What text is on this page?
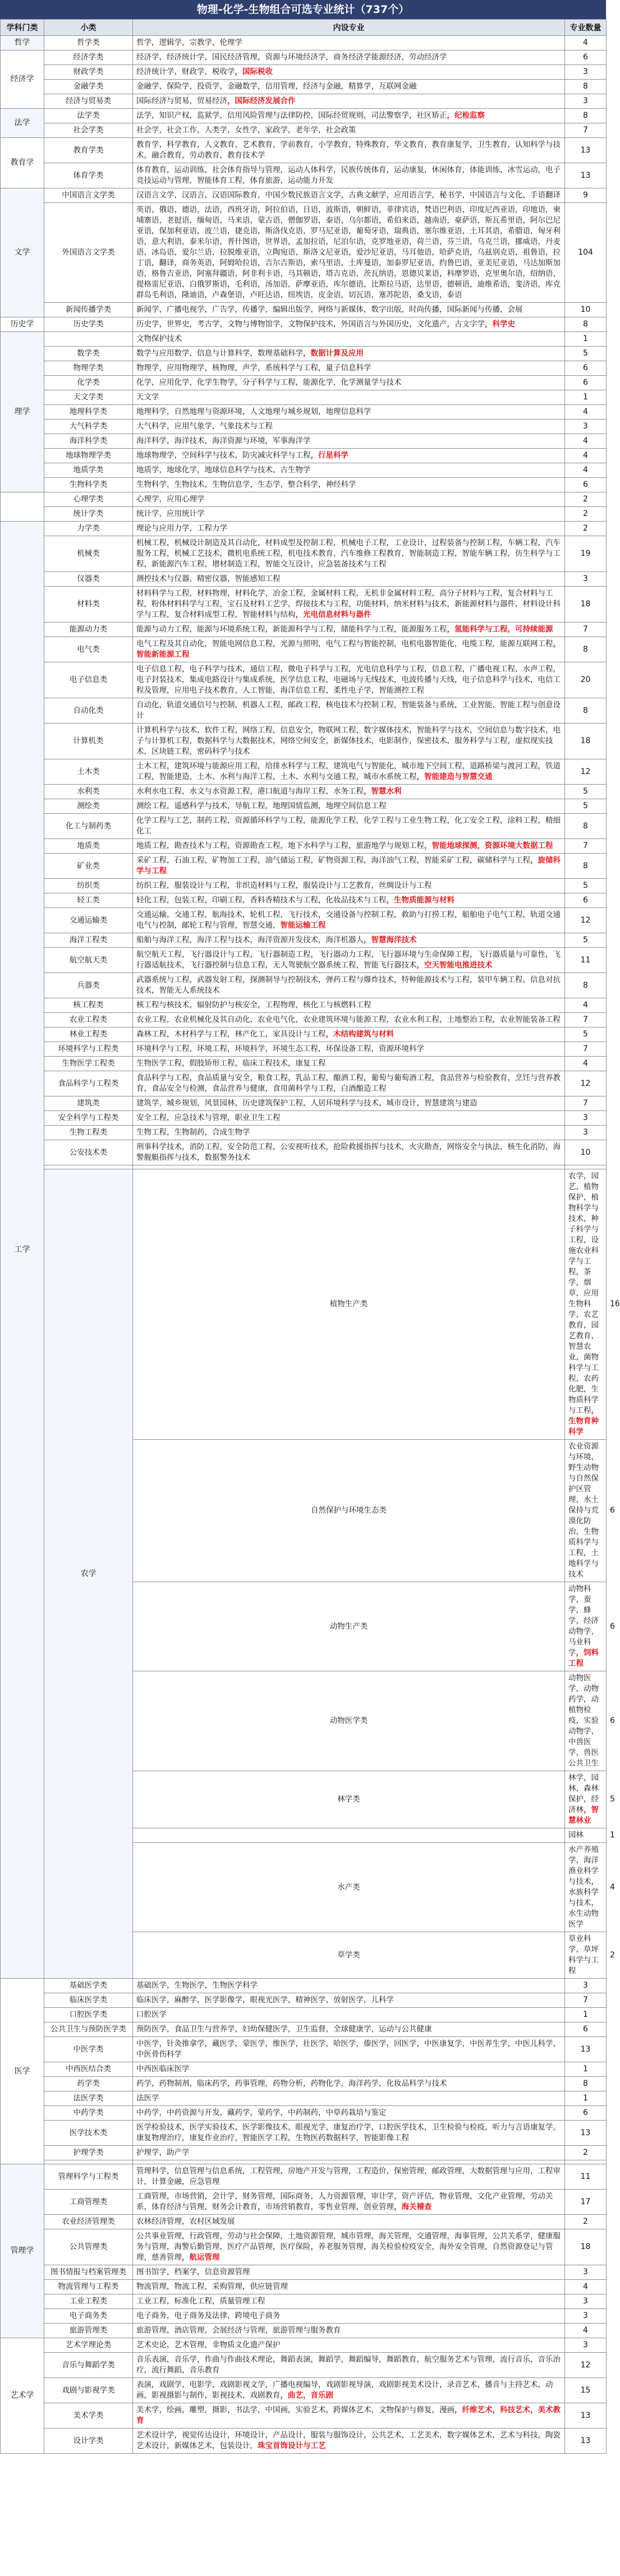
物理-化学-生物组合可选专业统计（737个）
学科门类	小类	内设专业	专业数量	
哲学	哲学类	哲学，逻辑学，宗教学，伦理学	4	
经济学	经济学类	经济学，经济统计学，国民经济管理，资源与环境经济学，商务经济学能源经济，劳动经济学	6	
	财政学类	经济统计学，财政学，税收学，国际税收	3	
	金融学类	金融学，保险学，投资学，金融数学，信用管理，经济与金融，精算学，互联网金融	8	
	经济与贸易类	国际经济与贸易，贸易经济，国际经济发展合作	3	
法学	法学类	法学，知识产权，监狱学，信用风险管理与法律防控，国际经贸规则，司法警察学，社区矫正，纪检监察	8	
	社会学类	社会学，社会工作，人类学，女性学，家政学，老年学，社会政策	7	
教育学	教育学类	教育学，科学教育，人文教育，艺术教育，学前教育，小学教育，特殊教育，华文教育，教育康复学，卫生教育，认知科学与技术，融合教育，劳动教育，教育技术学	13	
	体育学类	体育教育，运动训练，社会体育指导与管理，运动人体科学，民族传统体育，运动康复，休闲体育，体能训练，冰雪运动，电子竞技运动与管理，智能体育工程，体育旅游，运动能力开发	13	
文学	中国语言文学类	汉语言文学，汉语言，汉语国际教育，中国少数民族语言文学，古典文献学，应用语言学，秘书学，中国语言与文化，手语翻译	9	
	外国语言文学类	英语，俄语，德语，法语，西班牙语，阿拉伯语，日语，波斯语，朝鲜语，菲律宾语，梵语巴利语，印度尼西亚语，印地语，柬埔寨语，老挝语，缅甸语，马来语，蒙古语，僧伽罗语，泰语，乌尔都语，希伯来语，越南语，豪萨语，斯瓦希里语，阿尔巴尼亚语，保加利亚语，波兰语，捷克语，斯洛伐克语，罗马尼亚语，葡萄牙语，瑞典语，塞尔维亚语，土耳其语，希腊语，匈牙利语，意大利语，泰米尔语，普什图语，世界语，孟加拉语，尼泊尔语，克罗地亚语，荷兰语，芬兰语，乌克兰语，挪威语，丹麦语，冰岛语，爱尔兰语，拉脱维亚语，立陶宛语，斯洛文尼亚语，爱沙尼亚语，马耳他语，哈萨克语，乌兹别克语，祖鲁语，拉丁语，翻译，商务英语，阿姆哈拉语，吉尔吉斯语，索马里语，土库曼语，加泰罗尼亚语，约鲁巴语，亚美尼亚语，马达加斯加语，格鲁吉亚语，阿塞拜疆语，阿非利卡语，马其顿语，塔吉克语，茨瓦纳语，恩德贝莱语，科摩罗语，克里奥尔语，绍纳语，提格雷尼亚语，白俄罗斯语，毛利语，汤加语，萨摩亚语，库尔德语，比斯拉马语，达里语，德顿语，迪维希语，斐济语，库克群岛毛利语，隆迪语，卢森堡语，卢旺达语，纽埃语，皮金语，切瓦语，塞苏陀语，桑戈语，泰语	104	
	新闻传播学类	新闻学，广播电视学，广告学，传播学，编辑出版学，网络与新媒体，数字出版，时尚传播，国际新闻与传播，会展	10	
历史学	历史学类	历史学，世界史，考古学，文物与博物馆学，文物保护技术，外国语言与外国历史，文化遗产，古文字学，科学史	8	
理学		文物保护技术	1	
	数学类	数学与应用数学，信息与计算科学，数理基础科学，数据计算及应用	5	
	物理学类	物理学，应用物理学，核物理，声学，系统科学与工程，量子信息科学	6	
	化学类	化学，应用化学，化学生物学，分子科学与工程，能源化学，化学测量学与技术	6	
	天文学类	天文学	1	
	地理科学类	地理科学，自然地理与资源环境，人文地理与城乡规划，地理信息科学	4	
	大气科学类	大气科学，应用气象学，气象技术与工程	3	
	海洋科学类	海洋科学，海洋技术，海洋资源与环境，军事海洋学	4	
	地球物理学类	地球物理学，空间科学与技术，防灾减灾科学与工程，行星科学	4	
	地质学类	地质学，地球化学，地球信息科学与技术，古生物学	4	
	生物科学类	生物科学，生物技术，生物信息学，生态学，整合科学，神经科学	6	
	心理学类	心理学，应用心理学	2	
	统计学类	统计学，应用统计学	2	
工学	力学类	理论与应用力学，工程力学	2	
	机械类	机械工程，机械设计制造及其自动化，材料成型及控制工程，机械电子工程，工业设计，过程装备与控制工程，车辆工程，汽车服务工程，机械工艺技术，微机电系统工程，机电技术教育，汽车维修工程教育，智能制造工程，智能车辆工程，仿生科学与工程，新能源汽车工程，增材制造工程，智能交互设计，应急装备技术与工程	19	
	仪器类	测控技术与仪器，精密仪器，智能感知工程	3	
	材料类	材料科学与工程，材料物理，材料化学，冶金工程，金属材料工程，无机非金属材料工程，高分子材料与工程，复合材料与工程，粉体材料科学与工程，宝石及材料工艺学，焊接技术与工程，功能材料，纳米材料与技术，新能源材料与器件，材料设计科学与工程，复合材料成型工程，智能材料与结构，光电信息材料与器件	18	
	能源动力类	能源与动力工程，能源与环境系统工程，新能源科学与工程，储能科学与工程，能源服务工程，氢能科学与工程，可持续能源	7	
	电气类	电气工程及其自动化，智能电网信息工程，光源与照明，电气工程与智能控制，电机电器智能化，电缆工程，能源互联网工程，智能新能源工程	8	
	电子信息类	电子信息工程，电子科学与技术，通信工程，微电子科学与工程，光电信息科学与工程，信息工程，广播电视工程，水声工程，电子封装技术，集成电路设计与集成系统，医学信息工程，电磁场与无线技术，电波传播与天线，电子信息科学与技术，电信工程及管理，应用电子技术教育，人工智能，海洋信息工程，柔性电子学，智能测控工程	20	
	自动化类	自动化，轨道交通信号与控制，机器人工程，邮政工程，核电技术与控制工程，智能装备与系统，工业智能，智能工程与创意设计	8	
	计算机类	计算机科学与技术，软件工程，网络工程，信息安全，物联网工程，数字媒体技术，智能科学与技术，空间信息与数字技术，电子与计算机工程，数据科学与大数据技术，网络空间安全，新媒体技术，电影制作，保密技术，服务科学与工程，虚拟现实技术，区块链工程，密码科学与技术	18	
	土木类	土木工程，建筑环境与能源应用工程，给排水科学与工程，建筑电气与智能化，城市地下空间工程，道路桥梁与渡河工程，铁道工程，智能建造，土木、水利与海洋工程，土木、水利与交通工程，城市水系统工程，智能建造与智慧交通	12	
	水利类	水利水电工程，水文与水资源工程，港口航道与海岸工程，水务工程，智慧水利	5	
	测绘类	测绘工程，遥感科学与技术，导航工程，地理国情监测，地理空间信息工程	5	
	化工与制药类	化学工程与工艺，制药工程，资源循环科学与工程，能源化学工程，化学工程与工业生物工程，化工安全工程，涂料工程，精细化工	8	
	地质类	地质工程，勘查技术与工程，资源勘查工程，地下水科学与工程，旅游地学与规划工程，智能地球探测，资源环境大数据工程	7	
	矿业类	采矿工程，石油工程，矿物加工工程，油气储运工程，矿物资源工程，海洋油气工程，智能采矿工程，碳储科学与工程，旋储科学与工程	8	
	纺织类	纺织工程，服装设计与工程，非织造材料与工程，服装设计与工艺教育，丝绸设计与工程	5	
	轻工类	轻化工程，包装工程，印刷工程，香料香精技术与工程，化妆品技术与工程，生物质能源与材料	6	
	交通运输类	交通运输，交通工程，航海技术，轮机工程，飞行技术，交通设备与控制工程，救助与打捞工程，船舶电子电气工程，轨道交通电气与控制，邮轮工程与管理，智慧交通，智能运输工程	12	
	海洋工程类	船舶与海洋工程，海洋工程与技术，海洋资源开发技术，海洋机器人，智慧海洋技术	5	
	航空航天类	航空航天工程，飞行器设计与工程，飞行器制造工程，飞行器动力工程，飞行器环境与生命保障工程，飞行器质量与可靠性，飞行器适航技术，飞行器控制与信息工程，无人驾驶航空器系统工程，智能飞行器技术，空天智能电推进技术	11	
	兵器类	武器系统与工程，武器发射工程，探测制导与控制技术，弹药工程与爆炸技术，特种能源技术与工程，装甲车辆工程，信息对抗技术，智能无人系统技术	8	
	核工程类	核工程与核技术，辐射防护与核安全，工程物理，核化工与核燃料工程	4	
	农业工程类	农业工程，农业机械化及其自动化，农业电气化，农业建筑环境与能源工程，农业水利工程，土地整治工程，农业智能装备工程	7	
	林业工程类	森林工程，木材科学与工程，林产化工，家具设计与工程，木结构建筑与材料	5	
	环境科学与工程类	环境科学与工程，环境工程，环境科学，环境生态工程，环保设备工程，资源环境科学	7	
	生物医学工程类	生物医学工程，假肢矫形工程，临床工程技术，康复工程	4	
	食品科学与工程类	食品科学与工程，食品质量与安全，粮食工程，乳品工程，酿酒工程，葡萄与葡萄酒工程，食品营养与检验教育，烹饪与营养教育，食品安全与检测，食品营养与健康，食用菌科学与工程，白酒酿造工程	12	
	建筑类	建筑学，城乡规划，风景园林，历史建筑保护工程，人居环境科学与技术，城市设计，智慧建筑与建造	7	
	安全科学与工程类	安全工程，应急技术与管理，职业卫生工程	3	
	生物工程类	生物工程，生物制药，合成生物学	3	
	公安技术类	刑事科学技术，消防工程，安全防范工程，公安视听技术，抢险救援指挥与技术，火灾勘查，网络安全与执法，核生化消防，海警舰艇指挥与技术，数据警务技术	10	

	农学	植物生产类	农学，园艺，植物保护，植物科学与技术，种子科学与工程，设施农业科学与工程，茶学，烟草，应用生物科学，农艺教育，园艺教育，智慧农业，菌物科学与工程，农药化肥，生物质科学与工程，生物育种科学	16
		自然保护与环境生态类	农业资源与环境，野生动物与自然保护区管理，水土保持与荒漠化防治，生物质科学与工程，土地科学与技术	6
		动物生产类	动物科学，蚕学，蜂学，经济动物学，马业科学，饲料工程	6
		动物医学类	动物医学，动物药学，动植物检疫，实验动物学，中兽医学，兽医公共卫生	6
		林学类	林学，园林，森林保护，经济林，智慧林业	5
			园林	1
		水产类	水产养殖学，海洋渔业科学与技术，水族科学与技术，水生动物医学	4
		草学类	草业科学，草坪科学与工程	2
医学	基础医学类	基础医学，生物医学，生物医学科学	3	
	临床医学类	临床医学，麻醉学，医学影像学，眼视光医学，精神医学，放射医学，儿科学	7	
	口腔医学类	口腔医学	1	
	公共卫生与预防医学类	预防医学，食品卫生与营养学，妇幼保健医学，卫生监督，全球健康学，运动与公共健康	6	
	中医学类	中医学，针灸推拿学，藏医学，蒙医学，维医学，壮医学，哈医学，傣医学，回医学，中医康复学，中医养生学，中医儿科学，中医骨伤科学	13	
	中西医结合类	中西医临床医学	1	
	药学类	药学，药物制剂，临床药学，药事管理，药物分析，药物化学，海洋药学，化妆品科学与技术	8	
	法医学类	法医学	1	
	中药学类	中药学，中药资源与开发，藏药学，蒙药学，中药制药，中草药栽培与鉴定	6	
	医学技术类	医学检验技术，医学实验技术，医学影像技术，眼视光学，康复治疗学，口腔医学技术，卫生检验与检疫，听力与言语康复学，康复物理治疗，康复作业治疗，智能医学工程，生物医药数据科学，智能影像工程	13	
	护理学类	护理学，助产学	2	

管理学	管理科学与工程类	管理科学，信息管理与信息系统，工程管理，房地产开发与管理，工程造价，保密管理，邮政管理，大数据管理与应用，工程审计，计算金融，应急管理	11	
	工商管理类	工商管理，市场营销，会计学，财务管理，国际商务，人力资源管理，审计学，资产评估，物业管理，文化产业管理，劳动关系，体育经济与管理，财务会计教育，市场营销教育，零售业管理，创业管理，海关稽查	17	
	农业经济管理类	农林经济管理，农村区域发展	2	
	公共管理类	公共事业管理，行政管理，劳动与社会保障，土地资源管理，城市管理，海关管理，交通管理，海事管理，公共关系学，健康服务与管理，海警后勤管理，医疗产品管理，医疗保险，养老服务管理，海关检验检疫安全，海外安全管理，自然资源登记与管理，慈善管理，航运管理	18	
	图书情报与档案管理类	图书馆学，档案学，信息资源管理	3	
	物流管理与工程类	物流管理，物流工程，采购管理，供应链管理	4	
	工业工程类	工业工程，标准化工程，质量管理工程	3	
	电子商务类	电子商务，电子商务及法律，跨境电子商务	3	
	旅游管理类	旅游管理，酒店管理，会展经济与管理，旅游管理与服务教育	4	
艺术学	艺术学理论类	艺术史论，艺术管理，非物质文化遗产保护	3	
	音乐与舞蹈学类	音乐表演，音乐学，作曲与作曲技术理论，舞蹈表演，舞蹈学，舞蹈编导，舞蹈教育，航空服务艺术与管理，流行音乐，音乐治疗，流行舞蹈，音乐教育	12	
	戏剧与影视学类	表演，戏剧学，电影学，戏剧影视文学，广播电视编导，戏剧影视导演，戏剧影视美术设计，录音艺术，播音与主持艺术，动画，影视摄影与制作，影视技术，戏剧教育，曲艺，音乐剧	15	
	美术学类	美术学，绘画，雕塑，摄影，书法学，中国画，实验艺术，跨媒体艺术，文物保护与修复，漫画，纤维艺术，科技艺术，美术教育	13	
	设计学类	艺术设计学，视觉传达设计，环境设计，产品设计，服装与服饰设计，公共艺术，工艺美术，数字媒体艺术，艺术与科技，陶瓷艺术设计，新媒体艺术，包装设计，珠宝首饰设计与工艺	13	
